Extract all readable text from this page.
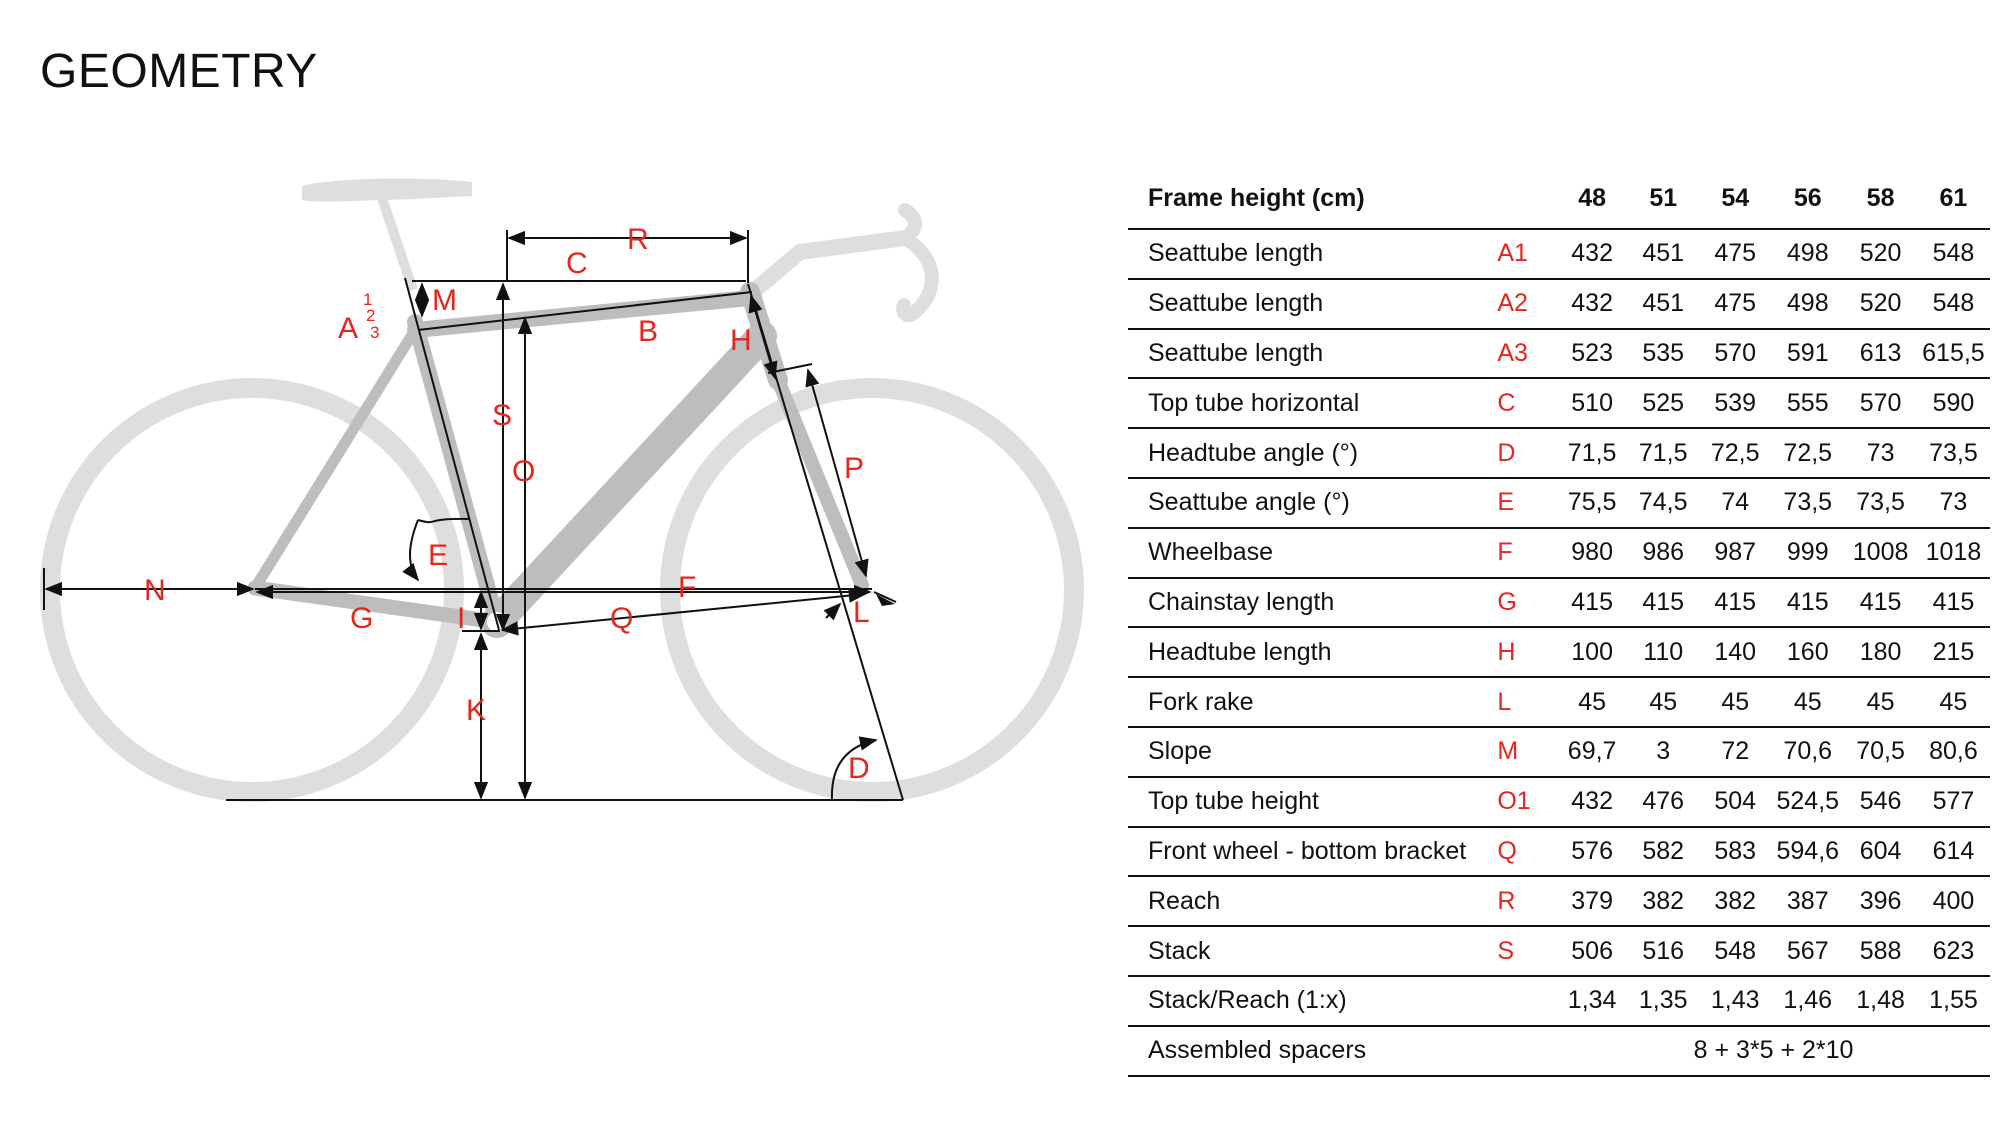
GEOMETRY
A
1
2
3
M
C
R
B H
S
O	P
E
N	F
G	I	Q	L
K
D
Frame height (cm)		48	51	54	56	58	61
Seattube length	A1	432	451	475	498	520	548
Seattube length	A2	432	451	475	498	520	548
Seattube length	A3	523	535	570	591	613	615,5
Top tube horizontal	C	510	525	539	555	570	590
Headtube angle (°)	D	71,5	71,5	72,5	72,5	73	73,5
Seattube angle (°)	E	75,5	74,5	74	73,5	73,5	73
Wheelbase	F	980	986	987	999	1008	1018
Chainstay length	G	415	415	415	415	415	415
Headtube length	H	100	110	140	160	180	215
Fork rake	L	45	45	45	45	45	45
Slope	M	69,7	3	72	70,6	70,5	80,6
Top tube height	O1	432	476	504	524,5	546	577
Front wheel - bottom bracket	Q	576	582	583	594,6	604	614
Reach	R	379	382	382	387	396	400
Stack	S	506	516	548	567	588	623
Stack/Reach (1:x)		1,34	1,35	1,43	1,46	1,48	1,55
Assembled spacers		8 + 3*5 + 2*10					
